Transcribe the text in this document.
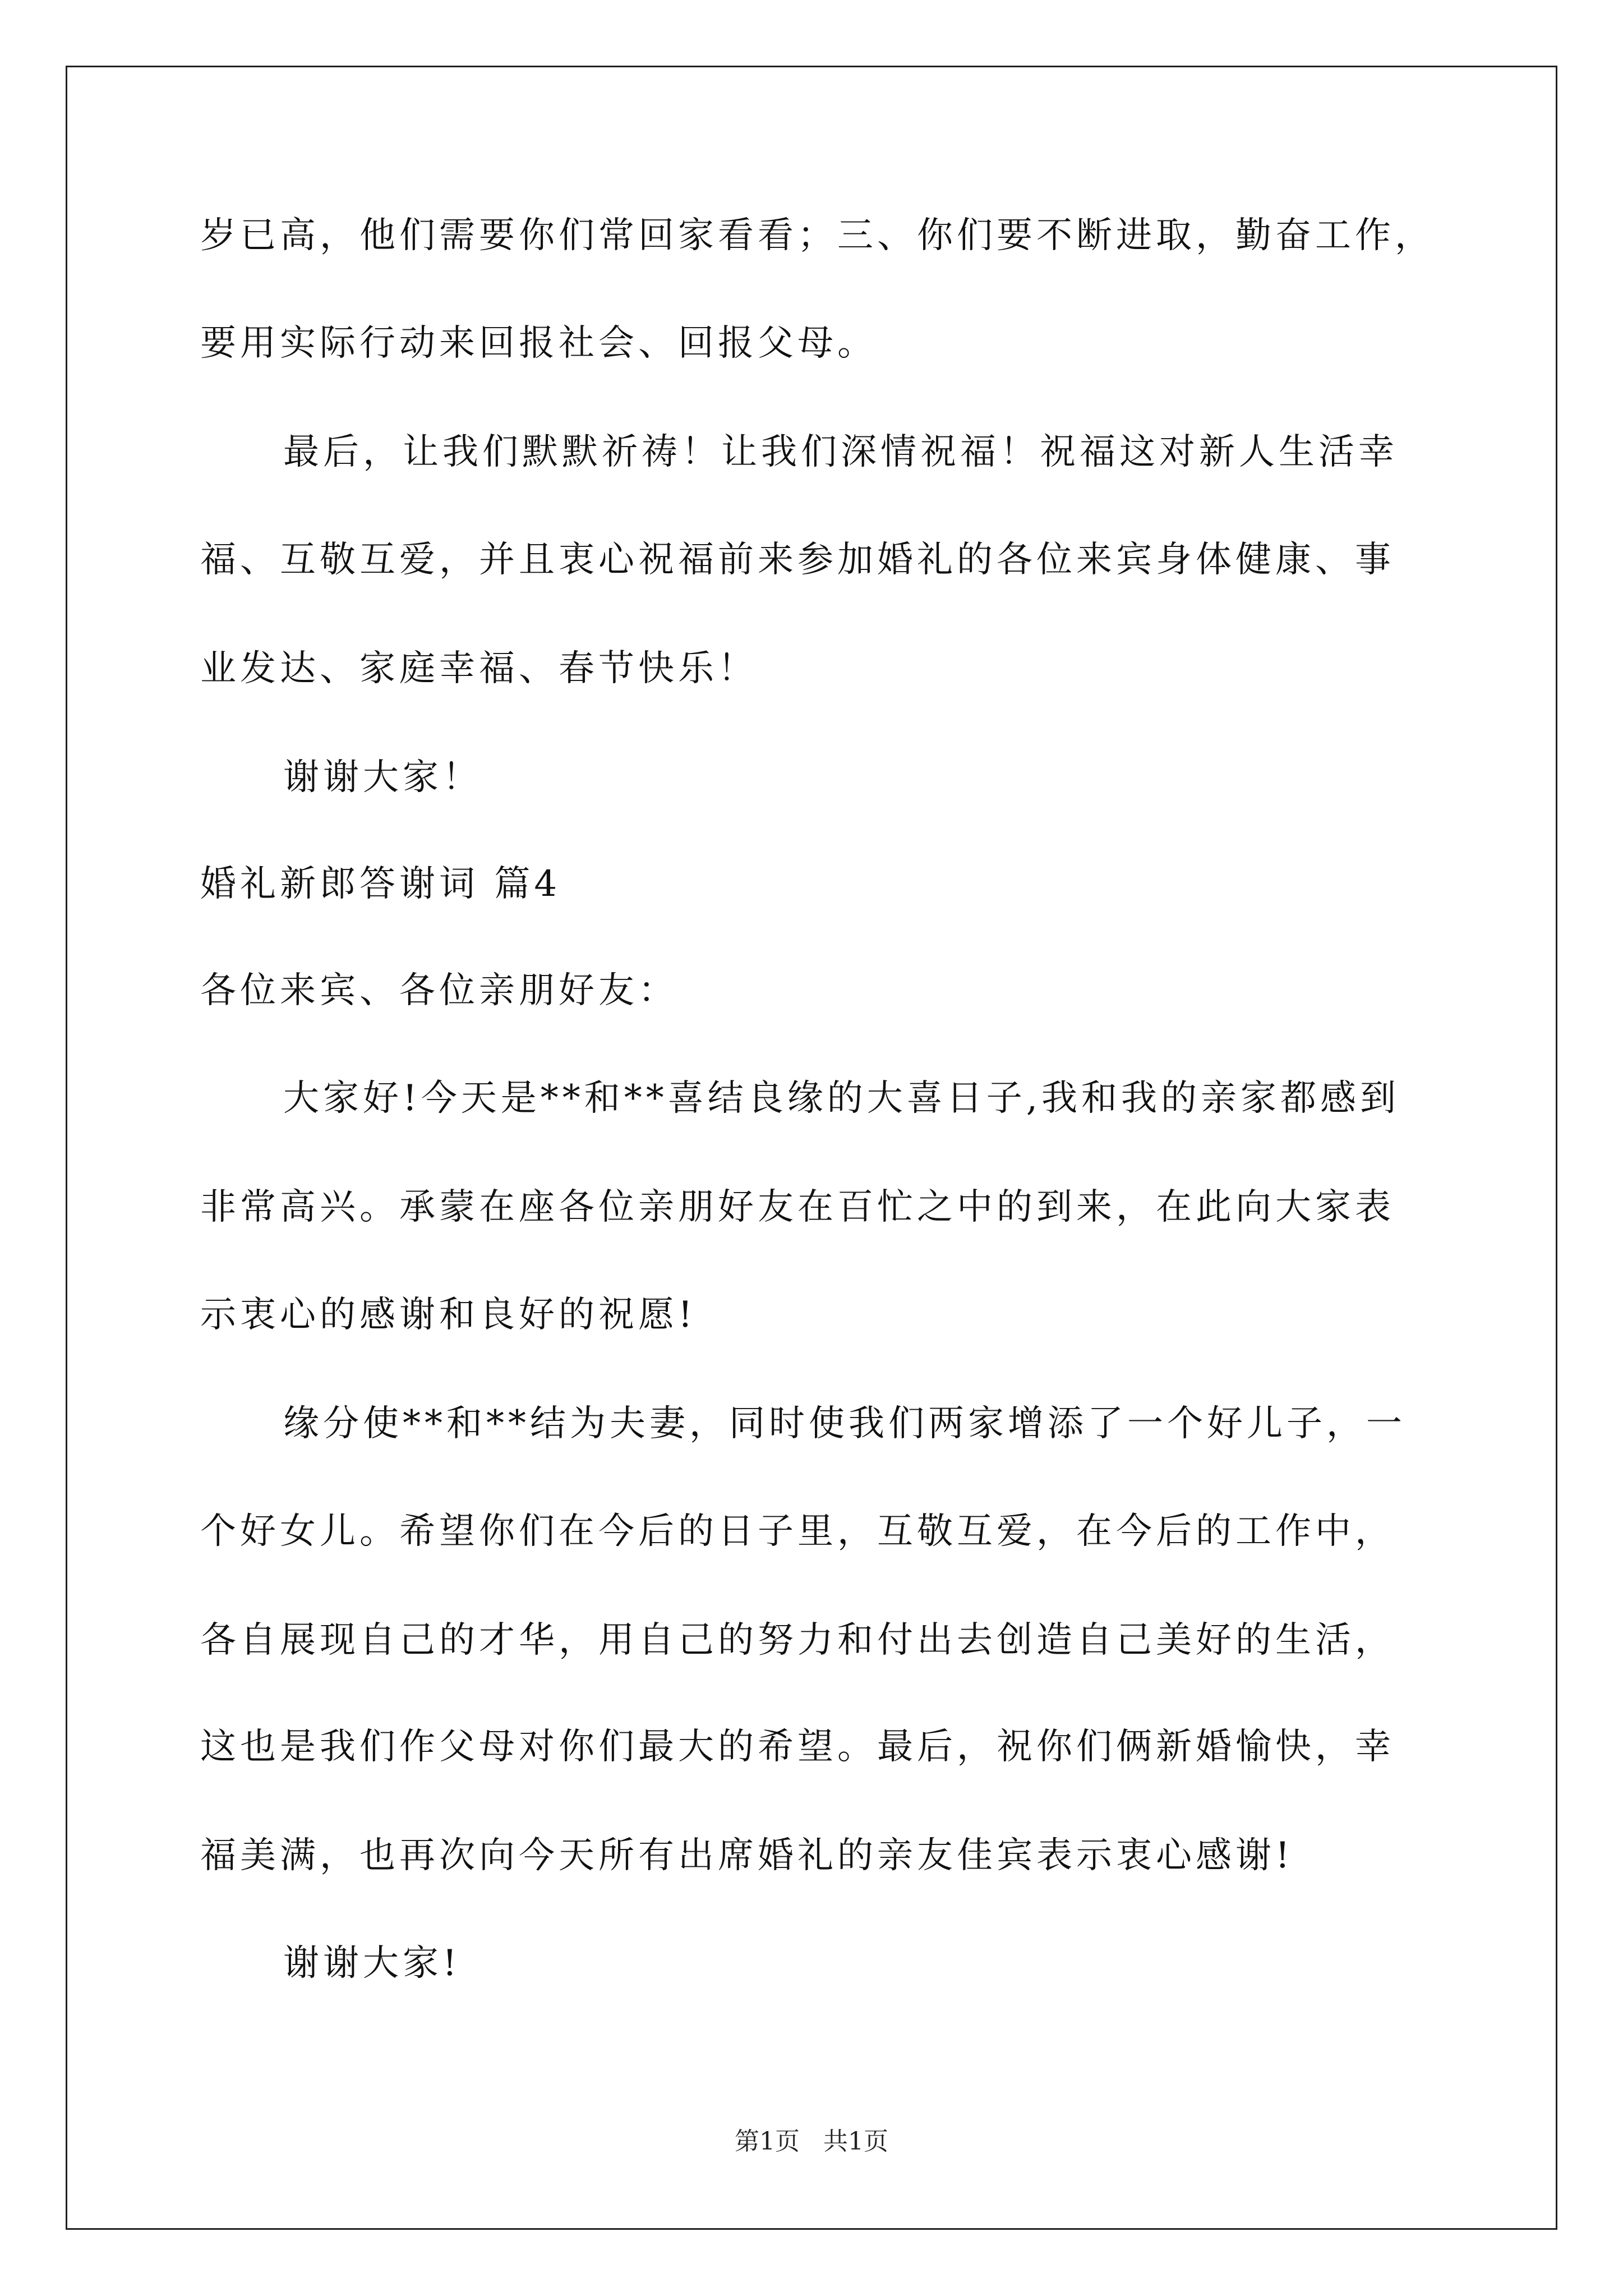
岁已高，他们需要你们常回家看看；三、你们要不断进取，勤奋工作，
要用实际行动来回报社会、回报父母。
最后，让我们默默祈祷！让我们深情祝福！祝福这对新人生活幸
福、互敬互爱，并且衷心祝福前来参加婚礼的各位来宾身体健康、事
业发达、家庭幸福、春节快乐！
谢谢大家！
婚礼新郎答谢词 篇4
各位来宾、各位亲朋好友：
大家好!今天是**和**喜结良缘的大喜日子,我和我的亲家都感到
非常高兴。承蒙在座各位亲朋好友在百忙之中的到来，在此向大家表
示衷心的感谢和良好的祝愿!
缘分使**和**结为夫妻，同时使我们两家增添了一个好儿子，一
个好女儿。希望你们在今后的日子里，互敬互爱，在今后的工作中，
各自展现自己的才华，用自己的努力和付出去创造自己美好的生活，
这也是我们作父母对你们最大的希望。最后，祝你们俩新婚愉快，幸
福美满，也再次向今天所有出席婚礼的亲友佳宾表示衷心感谢!
谢谢大家!
第1页   共1页
